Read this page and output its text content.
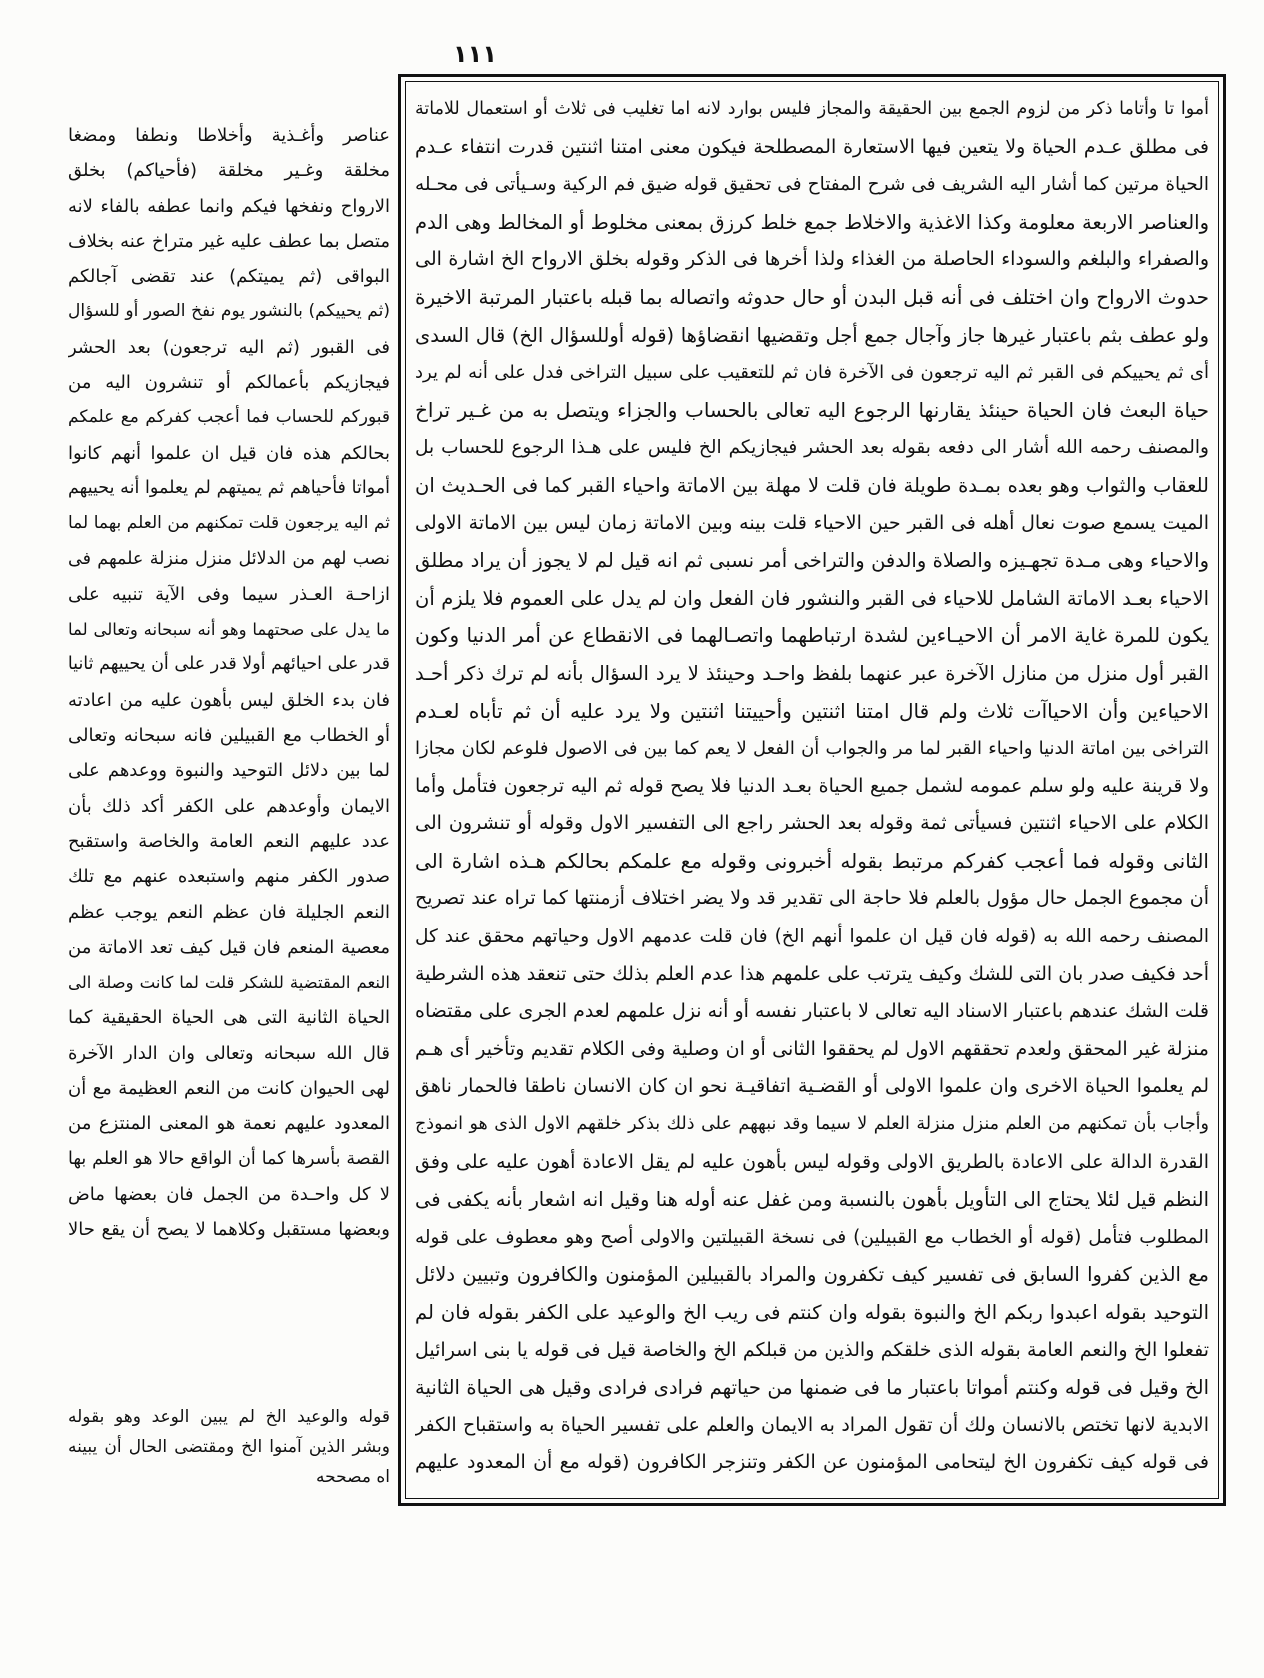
١١١
أموا تا وأتاما ذكر من لزوم الجمع بين الحقيقة والمجاز فليس بوارد لانه اما تغليب فى ثلاث أو استعمال للاماتة
فى مطلق عـدم الحياة ولا يتعين فيها الاستعارة المصطلحة فيكون معنى امتنا اثنتين قدرت انتفاء عـدم
الحياة مرتين كما أشار اليه الشريف فى شرح المفتاح فى تحقيق قوله ضيق فم الركية وسـيأتى فى محـله
والعناصر الاربعة معلومة وكذا الاغذية والاخلاط جمع خلط كرزق بمعنى مخلوط أو المخالط وهى الدم
والصفراء والبلغم والسوداء الحاصلة من الغذاء ولذا أخرها فى الذكر وقوله بخلق الارواح الخ اشارة الى
حدوث الارواح وان اختلف فى أنه قبل البدن أو حال حدوثه واتصاله بما قبله باعتبار المرتبة الاخيرة
ولو عطف بثم باعتبار غيرها جاز وآجال جمع أجل وتقضيها انقضاؤها (قوله أوللسؤال الخ) قال السدى
أى ثم يحييكم فى القبر ثم اليه ترجعون فى الآخرة فان ثم للتعقيب على سبيل التراخى فدل على أنه لم يرد
حياة البعث فان الحياة حينئذ يقارنها الرجوع اليه تعالى بالحساب والجزاء ويتصل به من غـير تراخ
والمصنف رحمه الله أشار الى دفعه بقوله بعد الحشر فيجازيكم الخ فليس على هـذا الرجوع للحساب بل
للعقاب والثواب وهو بعده بمـدة طويلة فان قلت لا مهلة بين الاماتة واحياء القبر كما فى الحـديث ان
الميت يسمع صوت نعال أهله فى القبر حين الاحياء قلت بينه وبين الاماتة زمان ليس بين الاماتة الاولى
والاحياء وهى مـدة تجهـيزه والصلاة والدفن والتراخى أمر نسبى ثم انه قيل لم لا يجوز أن يراد مطلق
الاحياء بعـد الاماتة الشامل للاحياء فى القبر والنشور فان الفعل وان لم يدل على العموم فلا يلزم أن
يكون للمرة غاية الامر أن الاحيـاءين لشدة ارتباطهما واتصـالهما فى الانقطاع عن أمر الدنيا وكون
القبر أول منزل من منازل الآخرة عبر عنهما بلفظ واحـد وحينئذ لا يرد السؤال بأنه لم ترك ذكر أحـد
الاحياءين وأن الاحياآت ثلاث ولم قال امتنا اثنتين وأحييتنا اثنتين ولا يرد عليه أن ثم تأباه لعـدم
التراخى بين اماتة الدنيا واحياء القبر لما مر والجواب أن الفعل لا يعم كما بين فى الاصول فلوعم لكان مجازا
ولا قرينة عليه ولو سلم عمومه لشمل جميع الحياة بعـد الدنيا فلا يصح قوله ثم اليه ترجعون فتأمل وأما
الكلام على الاحياء اثنتين فسيأتى ثمة وقوله بعد الحشر راجع الى التفسير الاول وقوله أو تنشرون الى
الثانى وقوله فما أعجب كفركم مرتبط بقوله أخبرونى وقوله مع علمكم بحالكم هـذه اشارة الى
أن مجموع الجمل حال مؤول بالعلم فلا حاجة الى تقدير قد ولا يضر اختلاف أزمنتها كما تراه عند تصريح
المصنف رحمه الله به (قوله فان قيل ان علموا أنهم الخ) فان قلت عدمهم الاول وحياتهم محقق عند كل
أحد فكيف صدر بان التى للشك وكيف يترتب على علمهم هذا عدم العلم بذلك حتى تنعقد هذه الشرطية
قلت الشك عندهم باعتبار الاسناد اليه تعالى لا باعتبار نفسه أو أنه نزل علمهم لعدم الجرى على مقتضاه
منزلة غير المحقق ولعدم تحققهم الاول لم يحققوا الثانى أو ان وصلية وفى الكلام تقديم وتأخير أى هـم
لم يعلموا الحياة الاخرى وان علموا الاولى أو القضـية اتفاقيـة نحو ان كان الانسان ناطقا فالحمار ناهق
وأجاب بأن تمكنهم من العلم منزل منزلة العلم لا سيما وقد نبههم على ذلك بذكر خلقهم الاول الذى هو انموذج
القدرة الدالة على الاعادة بالطريق الاولى وقوله ليس بأهون عليه لم يقل الاعادة أهون عليه على وفق
النظم قيل لئلا يحتاج الى التأويل بأهون بالنسبة ومن غفل عنه أوله هنا وقيل انه اشعار بأنه يكفى فى
المطلوب فتأمل (قوله أو الخطاب مع القبيلين) فى نسخة القبيلتين والاولى أصح وهو معطوف على قوله
مع الذين كفروا السابق فى تفسير كيف تكفرون والمراد بالقبيلين المؤمنون والكافرون وتبيين دلائل
التوحيد بقوله اعبدوا ربكم الخ والنبوة بقوله وان كنتم فى ريب الخ والوعيد على الكفر بقوله فان لم
تفعلوا الخ والنعم العامة بقوله الذى خلقكم والذين من قبلكم الخ والخاصة قيل فى قوله يا بنى اسرائيل
الخ وقيل فى قوله وكنتم أمواتا باعتبار ما فى ضمنها من حياتهم فرادى فرادى وقيل هى الحياة الثانية
الابدية لانها تختص بالانسان ولك أن تقول المراد به الايمان والعلم على تفسير الحياة به واستقباح الكفر
فى قوله كيف تكفرون الخ ليتحامى المؤمنون عن الكفر وتنزجر الكافرون (قوله مع أن المعدود عليهم
عناصر وأغـذية وأخلاطا ونطفا ومضغا
مخلقة وغـير مخلقة (فأحياكم) بخلق
الارواح ونفخها فيكم وانما عطفه بالفاء لانه
متصل بما عطف عليه غير متراخ عنه بخلاف
البواقى (ثم يميتكم) عند تقضى آجالكم
(ثم يحييكم) بالنشور يوم نفخ الصور أو للسؤال
فى القبور (ثم اليه ترجعون) بعد الحشر
فيجازيكم بأعمالكم أو تنشرون اليه من
قبوركم للحساب فما أعجب كفركم مع علمكم
بحالكم هذه فان قيل ان علموا أنهم كانوا
أمواتا فأحياهم ثم يميتهم لم يعلموا أنه يحييهم
ثم اليه يرجعون قلت تمكنهم من العلم بهما لما
نصب لهم من الدلائل منزل منزلة علمهم فى
ازاحـة العـذر سيما وفى الآية تنبيه على
ما يدل على صحتهما وهو أنه سبحانه وتعالى لما
قدر على احيائهم أولا قدر على أن يحييهم ثانيا
فان بدء الخلق ليس بأهون عليه من اعادته
أو الخطاب مع القبيلين فانه سبحانه وتعالى
لما بين دلائل التوحيد والنبوة ووعدهم على
الايمان وأوعدهم على الكفر أكد ذلك بأن
عدد عليهم النعم العامة والخاصة واستقبح
صدور الكفر منهم واستبعده عنهم مع تلك
النعم الجليلة فان عظم النعم يوجب عظم
معصية المنعم فان قيل كيف تعد الاماتة من
النعم المقتضية للشكر قلت لما كانت وصلة الى
الحياة الثانية التى هى الحياة الحقيقية كما
قال الله سبحانه وتعالى وان الدار الآخرة
لهى الحيوان كانت من النعم العظيمة مع أن
المعدود عليهم نعمة هو المعنى المنتزع من
القصة بأسرها كما أن الواقع حالا هو العلم بها
لا كل واحـدة من الجمل فان بعضها ماض
وبعضها مستقبل وكلاهما لا يصح أن يقع حالا
قوله والوعيد الخ لم يبين الوعد وهو بقوله
وبشر الذين آمنوا الخ ومقتضى الحال أن يبينه
اه مصححه
